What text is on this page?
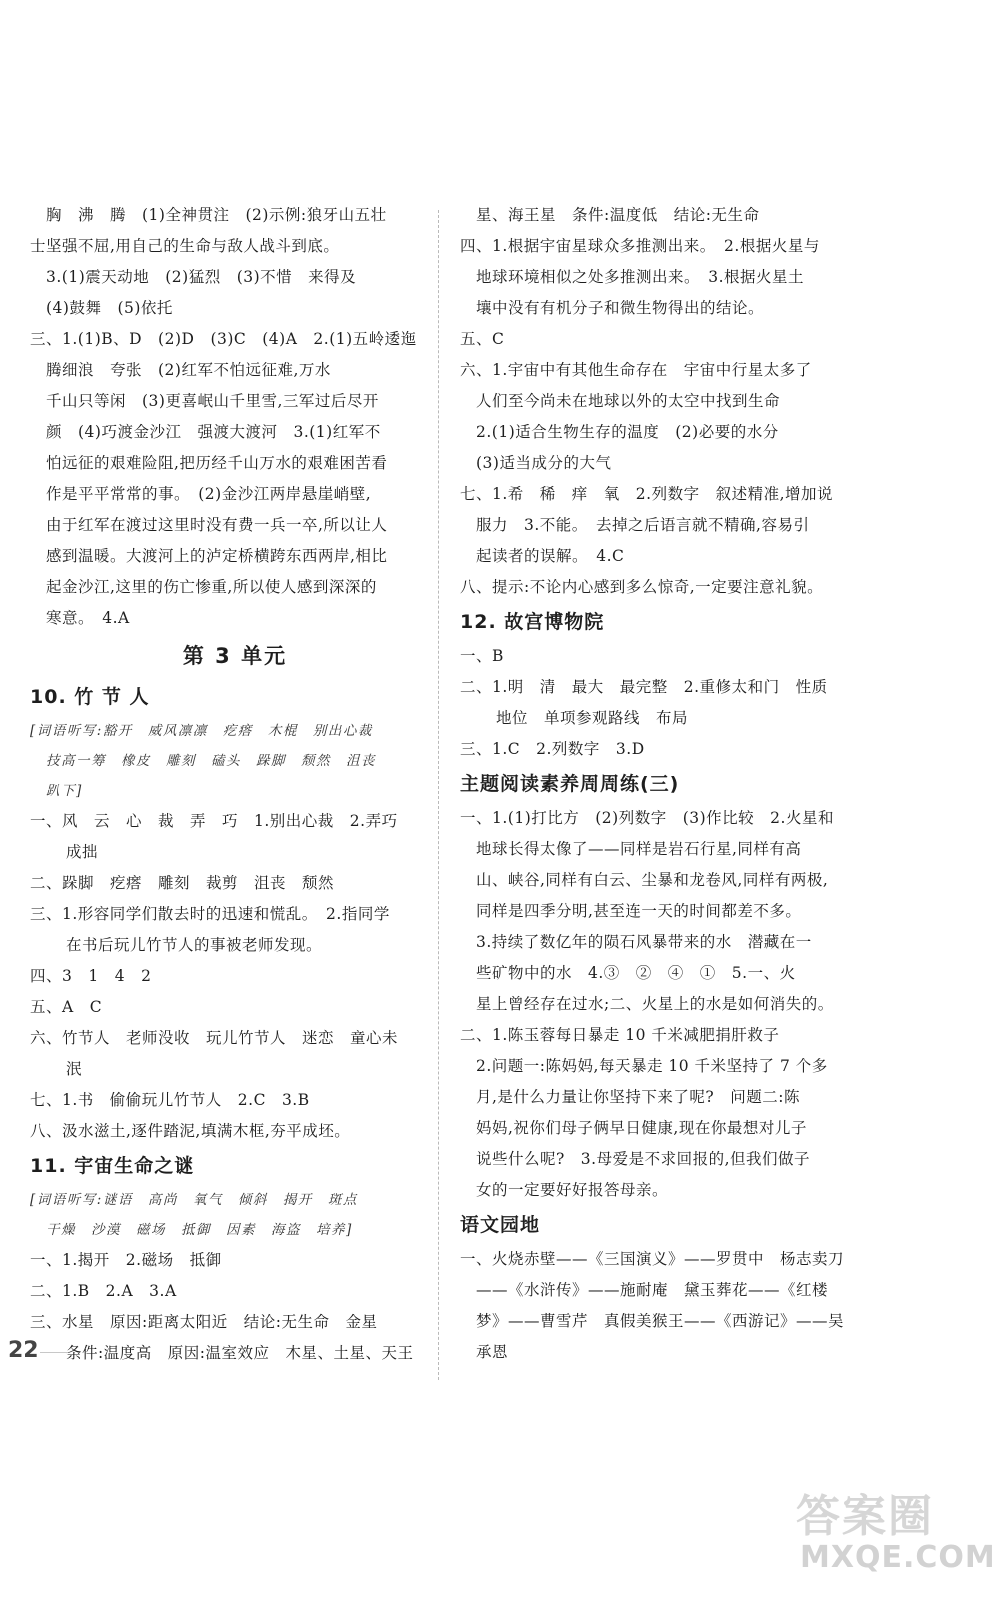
胸　沸　腾　(1)全神贯注　(2)示例:狼牙山五壮
士坚强不屈,用自己的生命与敌人战斗到底。
3.(1)震天动地　(2)猛烈　(3)不惜　来得及
(4)鼓舞　(5)依托
三、1.(1)B、D　(2)D　(3)C　(4)A　2.(1)五岭逶迤
腾细浪　夸张　(2)红军不怕远征难,万水
千山只等闲　(3)更喜岷山千里雪,三军过后尽开
颜　(4)巧渡金沙江　强渡大渡河　3.(1)红军不
怕远征的艰难险阻,把历经千山万水的艰难困苦看
作是平平常常的事。　(2)金沙江两岸悬崖峭壁,
由于红军在渡过这里时没有费一兵一卒,所以让人
感到温暖。大渡河上的泸定桥横跨东西两岸,相比
起金沙江,这里的伤亡惨重,所以使人感到深深的
寒意。　4.A
第 3 单元
10. 竹 节 人
[词语听写:豁开　威风凛凛　疙瘩　木棍　别出心裁
技高一筹　橡皮　雕刻　磕头　跺脚　颓然　沮丧
趴下]
一、风　云　心　裁　弄　巧　1.别出心裁　2.弄巧
成拙
二、跺脚　疙瘩　雕刻　裁剪　沮丧　颓然
三、1.形容同学们散去时的迅速和慌乱。　2.指同学
在书后玩儿竹节人的事被老师发现。
四、3　1　4　2
五、A　C
六、竹节人　老师没收　玩儿竹节人　迷恋　童心未
泯
七、1.书　偷偷玩儿竹节人　2.C　3.B
八、汲水滋土,逐件踏泥,填满木框,夯平成坯。
11. 宇宙生命之谜
[词语听写:谜语　高尚　氧气　倾斜　揭开　斑点
干燥　沙漠　磁场　抵御　因素　海盗　培养]
一、1.揭开　2.磁场　抵御
二、1.B　2.A　3.A
三、水星　原因:距离太阳近　结论:无生命　金星
条件:温度高　原因:温室效应　木星、土星、天王
星、海王星　条件:温度低　结论:无生命
四、1.根据宇宙星球众多推测出来。　2.根据火星与
地球环境相似之处多推测出来。　3.根据火星土
壤中没有有机分子和微生物得出的结论。
五、C
六、1.宇宙中有其他生命存在　宇宙中行星太多了
人们至今尚未在地球以外的太空中找到生命
2.(1)适合生物生存的温度　(2)必要的水分
(3)适当成分的大气
七、1.希　稀　痒　氧　2.列数字　叙述精准,增加说
服力　3.不能。　去掉之后语言就不精确,容易引
起读者的误解。　4.C
八、提示:不论内心感到多么惊奇,一定要注意礼貌。
12. 故宫博物院
一、B
二、1.明　清　最大　最完整　2.重修太和门　性质
地位　单项参观路线　布局
三、1.C　2.列数字　3.D
主题阅读素养周周练(三)
一、1.(1)打比方　(2)列数字　(3)作比较　2.火星和
地球长得太像了——同样是岩石行星,同样有高
山、峡谷,同样有白云、尘暴和龙卷风,同样有两极,
同样是四季分明,甚至连一天的时间都差不多。
3.持续了数亿年的陨石风暴带来的水　潜藏在一
些矿物中的水　4.③　②　④　①　5.一、火
星上曾经存在过水;二、火星上的水是如何消失的。
二、1.陈玉蓉每日暴走 10 千米减肥捐肝救子
2.问题一:陈妈妈,每天暴走 10 千米坚持了 7 个多
月,是什么力量让你坚持下来了呢?　问题二:陈
妈妈,祝你们母子俩早日健康,现在你最想对儿子
说些什么呢?　3.母爱是不求回报的,但我们做子
女的一定要好好报答母亲。
语文园地
一、火烧赤壁——《三国演义》——罗贯中　杨志卖刀
——《水浒传》——施耐庵　黛玉葬花——《红楼
梦》——曹雪芹　真假美猴王——《西游记》——吴
承恩
22
答案圈
MXQE.COM
